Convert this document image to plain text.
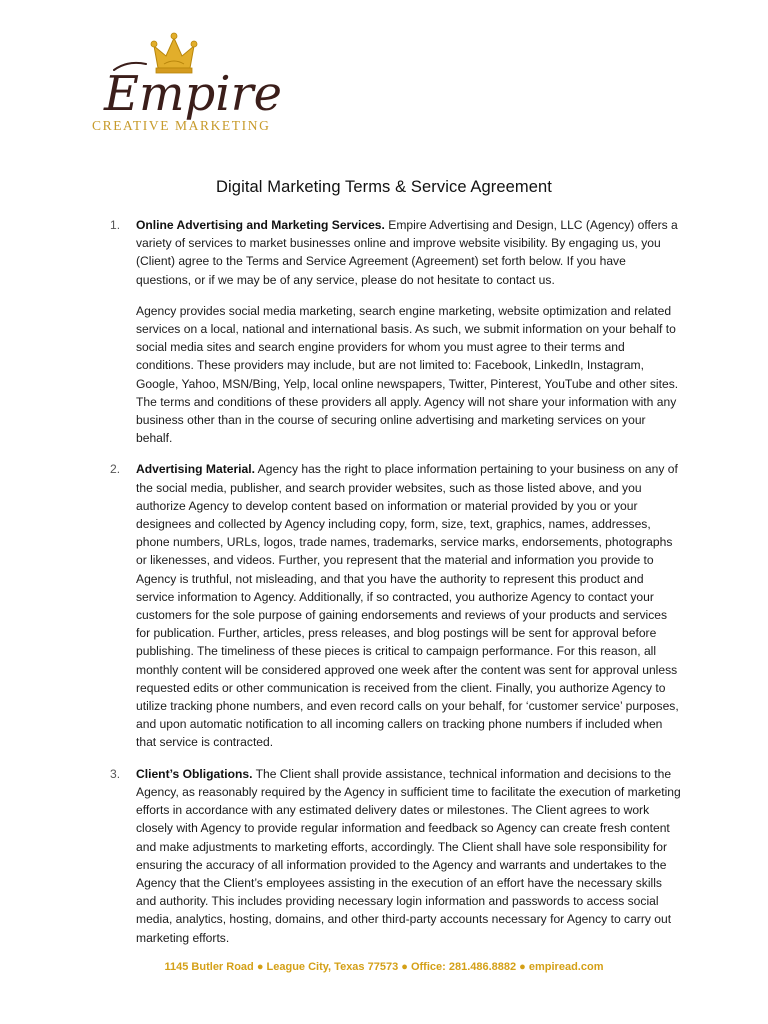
Empire
CREATIVE MARKETING
Digital Marketing Terms & Service Agreement
1.	Online Advertising and Marketing Services. Empire Advertising and Design, LLC (Agency) offers a variety of services to market businesses online and improve website visibility. By engaging us, you (Client) agree to the Terms and Service Agreement (Agreement) set forth below. If you have questions, or if we may be of any service, please do not hesitate to contact us.

Agency provides social media marketing, search engine marketing, website optimization and related services on a local, national and international basis. As such, we submit information on your behalf to social media sites and search engine providers for whom you must agree to their terms and conditions. These providers may include, but are not limited to: Facebook, LinkedIn, Instagram, Google, Yahoo, MSN/Bing, Yelp, local online newspapers, Twitter, Pinterest, YouTube and other sites. The terms and conditions of these providers all apply. Agency will not share your information with any business other than in the course of securing online advertising and marketing services on your behalf.

2.	Advertising Material. Agency has the right to place information pertaining to your business on any of the social media, publisher, and search provider websites, such as those listed above, and you authorize Agency to develop content based on information or material provided by you or your designees and collected by Agency including copy, form, size, text, graphics, names, addresses, phone numbers, URLs, logos, trade names, trademarks, service marks, endorsements, photographs or likenesses, and videos. Further, you represent that the material and information you provide to Agency is truthful, not misleading, and that you have the authority to represent this product and service information to Agency. Additionally, if so contracted, you authorize Agency to contact your customers for the sole purpose of gaining endorsements and reviews of your products and services for publication. Further, articles, press releases, and blog postings will be sent for approval before publishing. The timeliness of these pieces is critical to campaign performance. For this reason, all monthly content will be considered approved one week after the content was sent for approval unless requested edits or other communication is received from the client. Finally, you authorize Agency to utilize tracking phone numbers, and even record calls on your behalf, for ‘customer service’ purposes, and upon automatic notification to all incoming callers on tracking phone numbers if included when that service is contracted.

3.	Client’s Obligations. The Client shall provide assistance, technical information and decisions to the Agency, as reasonably required by the Agency in sufficient time to facilitate the execution of marketing efforts in accordance with any estimated delivery dates or milestones. The Client agrees to work closely with Agency to provide regular information and feedback so Agency can create fresh content and make adjustments to marketing efforts, accordingly. The Client shall have sole responsibility for ensuring the accuracy of all information provided to the Agency and warrants and undertakes to the Agency that the Client’s employees assisting in the execution of an effort have the necessary skills and authority. This includes providing necessary login information and passwords to access social media, analytics, hosting, domains, and other third-party accounts necessary for Agency to carry out marketing efforts.

1145 Butler Road ● League City, Texas 77573 ● Office: 281.486.8882 ● empiread.com
